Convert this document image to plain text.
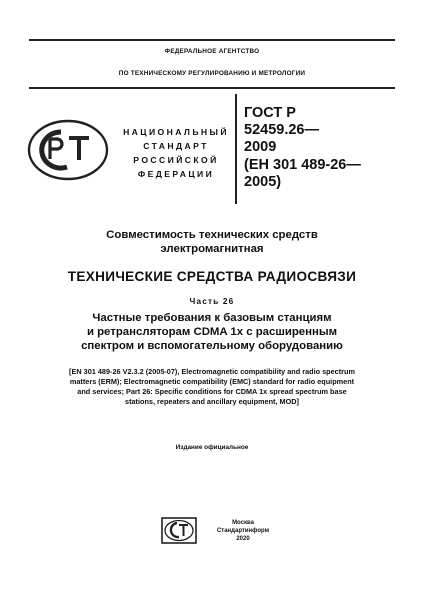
ФЕДЕРАЛЬНОЕ АГЕНТСТВО
ПО ТЕХНИЧЕСКОМУ РЕГУЛИРОВАНИЮ И МЕТРОЛОГИИ
НАЦИОНАЛЬНЫЙ
СТАНДАРТ
РОССИЙСКОЙ
ФЕДЕРАЦИИ
ГОСТ Р
52459.26—
2009
(ЕН 301 489-26—
2005)
Совместимость технических средств
электромагнитная
ТЕХНИЧЕСКИЕ СРЕДСТВА РАДИОСВЯЗИ
Часть 26
Частные требования к базовым станциям
и ретрансляторам CDMA 1x с расширенным
спектром и вспомогательному оборудованию
[EN 301 489-26 V2.3.2 (2005-07), Electromagnetic compatibility and radio spectrum
matters (ERM); Electromagnetic compatibility (EMC) standard for radio equipment
and services; Part 26: Specific conditions for CDMA 1x spread spectrum base
stations, repeaters and ancillary equipment, MOD]
Издание официальное
Москва
Стандартинформ
2020
